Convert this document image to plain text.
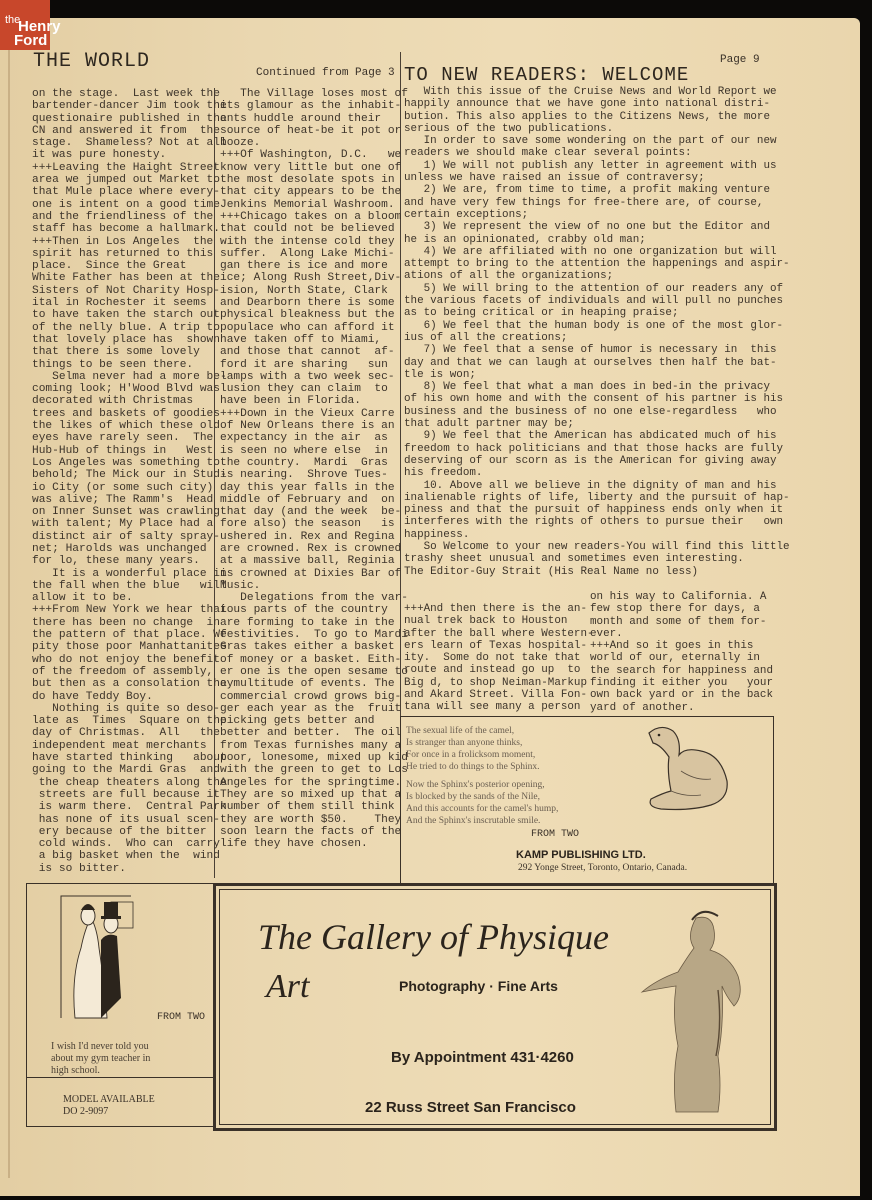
the
Henry
Ford
THE WORLD	Continued from Page 3 TO NEW READERS: WELCOME
Page 9
on the stage.  Last week the
bartender-dancer Jim took the
questionaire published in the
CN and answered it from  the
stage.  Shameless? Not at all
it was pure honesty.
+++Leaving the Haight Street
area we jumped out Market to
that Mule place where every-
one is intent on a good time
and the friendliness of the
staff has become a hallmark.
+++Then in Los Angeles  the
spirit has returned to this
place.  Since the Great
White Father has been at the
Sisters of Not Charity Hosp-
ital in Rochester it seems
to have taken the starch out
of the nelly blue. A trip to
that lovely place has  shown
that there is some lovely
things to be seen there.
Selma never had a more be-
coming look; H'Wood Blvd was
decorated with Christmas
trees and baskets of goodies
the likes of which these old
eyes have rarely seen.  The
Hub-Hub of things in   West
Los Angeles was something to
behold; The Mick our in Stud-
io City (or some such city)
was alive; The Ramm's  Head
on Inner Sunset was crawling
with talent; My Place had a
distinct air of salty spray-
net; Harolds was unchanged
for lo, these many years.
It is a wonderful place in
the fall when the blue   will
allow it to be.
+++From New York we hear that
there has been no change  in
the pattern of that place. We
pity those poor Manhattanites
who do not enjoy the benefit
of the freedom of assembly,
but then as a consolation they
do have Teddy Boy.
Nothing is quite so deso-
late as  Times  Square on the
day of Christmas.  All   the
independent meat merchants
have started thinking   about
going to the Mardi Gras  and
the cheap theaters along the
streets are full because it
is warm there.  Central Park
has none of its usual scen-
ery because of the bitter
cold winds.  Who can  carry
a big basket when the  wind
is so bitter.
The Village loses most of
its glamour as the inhabit-
ants huddle around their
source of heat-be it pot or
booze.
+++Of Washington, D.C.   we
know very little but one of
the most desolate spots in
that city appears to be the
Jenkins Memorial Washroom.
+++Chicago takes on a bloom
that could not be believed
with the intense cold they
suffer.  Along Lake Michi-
gan there is ice and more
ice; Along Rush Street,Div-
ision, North State, Clark
and Dearborn there is some
physical bleakness but the
populace who can afford it
have taken off to Miami,
and those that cannot  af-
ford it are sharing   sun
lamps with a two week sec-
lusion they can claim  to
have been in Florida.
+++Down in the Vieux Carre
of New Orleans there is an
expectancy in the air  as
is seen no where else  in
the country.  Mardi  Gras
is nearing.  Shrove Tues-
day this year falls in the
middle of February and  on
that day (and the week  be-
fore also) the season   is
ushered in. Rex and Regina
are crowned. Rex is crowned
at a massive ball, Reginia
is crowned at Dixies Bar of
Music.
Delegations from the var-
ious parts of the country
are forming to take in the
festivities.  To go to Mardi
Gras takes either a basket
of money or a basket. Eith-
er one is the open sesame to
a multitude of events. The
commercial crowd grows big-
ger each year as the  fruit
picking gets better and
better and better.  The oil
from Texas furnishes many a
poor, lonesome, mixed up kid
with the green to get to Los
Angeles for the springtime.
They are so mixed up that a
number of them still think
they are worth $50.    They
soon learn the facts of the
life they have chosen.
With this issue of the Cruise News and World Report we
happily announce that we have gone into national distri-
bution. This also applies to the Citizens News, the more
serious of the two publications.
In order to save some wondering on the part of our new
readers we should make clear several points:
1) We will not publish any letter in agreement with us
unless we have raised an issue of contraversy;
2) We are, from time to time, a profit making venture
and have very few things for free-there are, of course,
certain exceptions;
3) We represent the view of no one but the Editor and
he is an opinionated, crabby old man;
4) We are affiliated with no one organization but will
attempt to bring to the attention the happenings and aspir-
ations of all the organizations;
5) We will bring to the attention of our readers any of
the various facets of individuals and will pull no punches
as to being critical or in heaping praise;
6) We feel that the human body is one of the most glor-
ius of all the creations;
7) We feel that a sense of humor is necessary in  this
day and that we can laugh at ourselves then half the bat-
tle is won;
8) We feel that what a man does in bed-in the privacy
of his own home and with the consent of his partner is his
business and the business of no one else-regardless   who
that adult partner may be;
9) We feel that the American has abdicated much of his
freedom to hack politicians and that those hacks are fully
deserving of our scorn as is the American for giving away
his freedom.
10. Above all we believe in the dignity of man and his
inalienable rights of life, liberty and the pursuit of hap-
piness and that the pursuit of happiness ends only when it
interferes with the rights of others to pursue their   own
happiness.
So Welcome to your new readers-You will find this little
trashy sheet unusual and sometimes even interesting.
The Editor-Guy Strait (His Real Name no less)
+++And then there is the an-
nual trek back to Houston
after the ball where Western-
ers learn of Texas hospital-
ity.  Some do not take that
route and instead go up  to
Big d, to shop Neiman-Markup
and Akard Street. Villa Fon-
tana will see many a person
on his way to California. A
few stop there for days, a
month and some of them for-
ever.
+++And so it goes in this
world of our, eternally in
the search for happiness and
finding it either you   your
own back yard or in the back
yard of another.
The sexual life of the camel,
Is stranger than anyone thinks,
For once in a frolicksom moment,
He tried to do things to the Sphinx.
Now the Sphinx's posterior opening,
Is blocked by the sands of the Nile,
And this accounts for the camel's hump,
And the Sphinx's inscrutable smile.
FROM TWO
KAMP PUBLISHING LTD.
292 Yonge Street, Toronto, Ontario, Canada.
FROM TWO
I wish I'd never told you
about my gym teacher in
high school.
MODEL AVAILABLE
DO 2-9097
The Gallery of Physique
Art	Photography · Fine Arts
By Appointment 431·4260
22 Russ Street San Francisco
